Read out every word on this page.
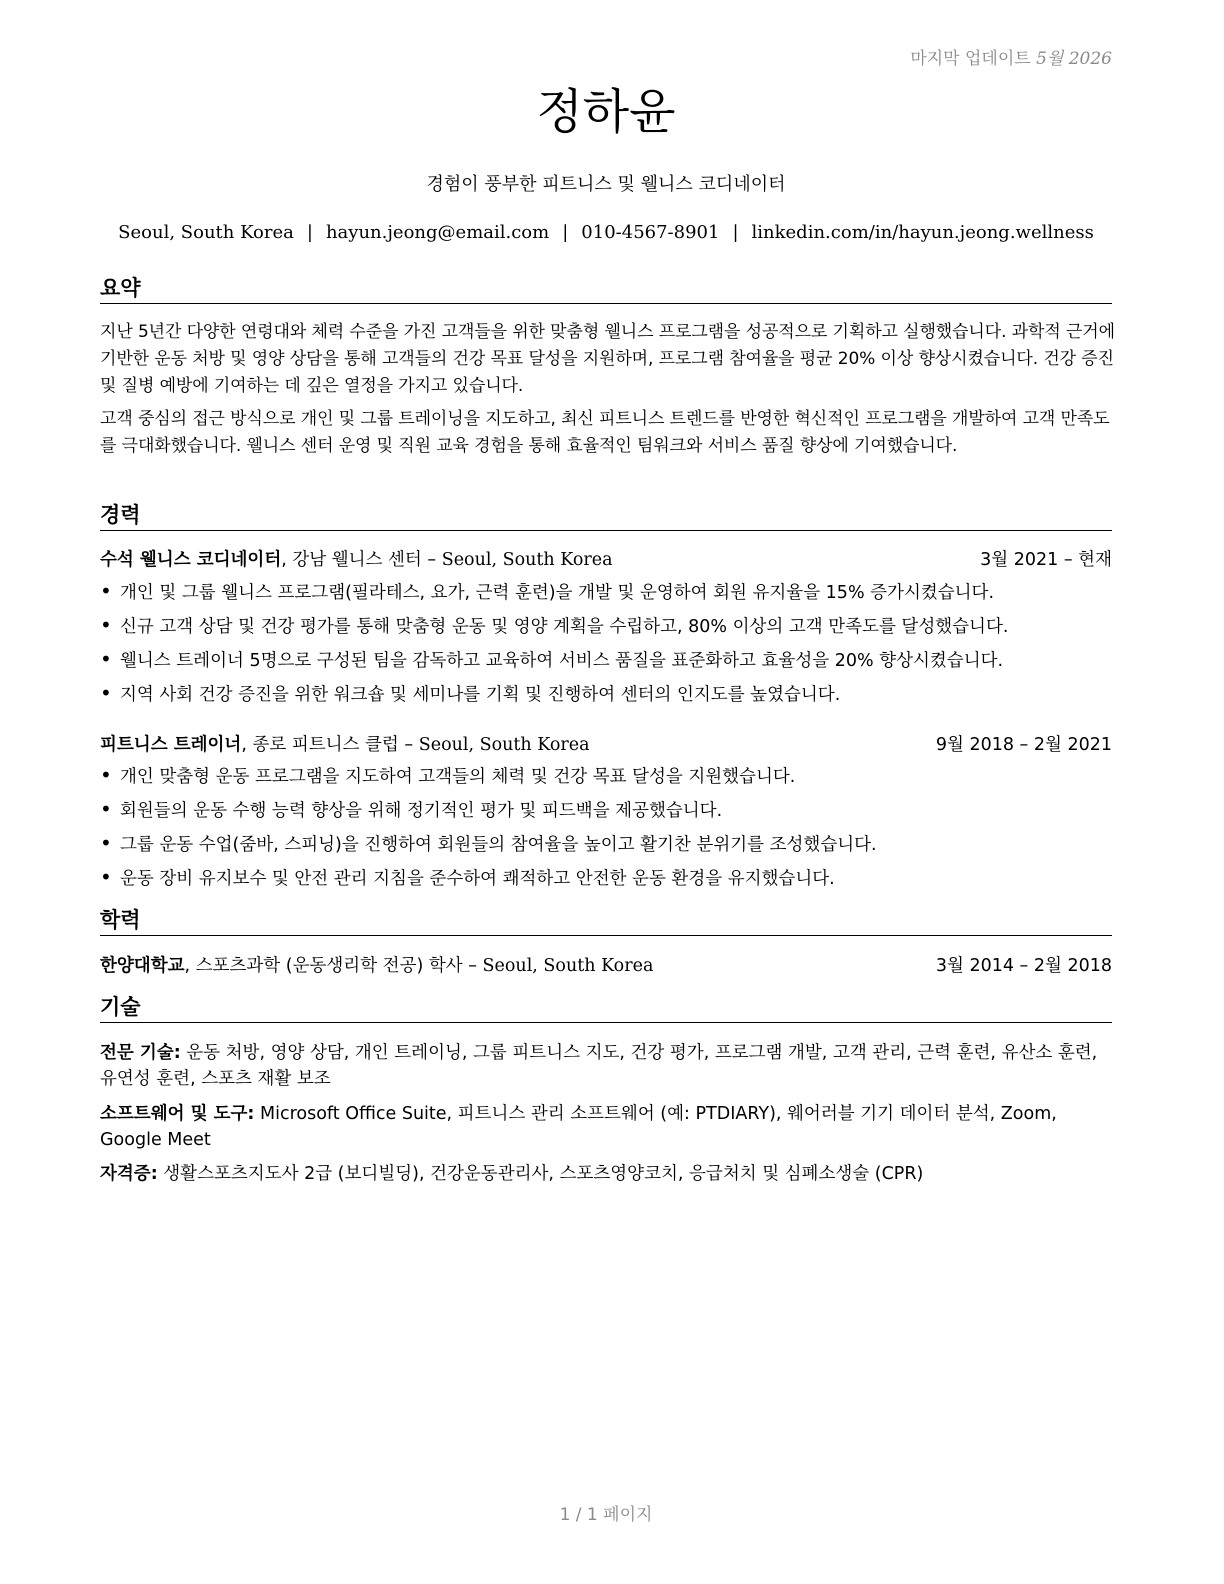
마지막 업데이트 5월 2026
정하윤
경험이 풍부한 피트니스 및 웰니스 코디네이터
Seoul, South Korea | hayun.jeong@email.com | 010-4567-8901 | linkedin.com/in/hayun.jeong.wellness
요약
지난 5년간 다양한 연령대와 체력 수준을 가진 고객들을 위한 맞춤형 웰니스 프로그램을 성공적으로 기획하고 실행했습니다. 과학적 근거에 기반한 운동 처방 및 영양 상담을 통해 고객들의 건강 목표 달성을 지원하며, 프로그램 참여율을 평균 20% 이상 향상시켰습니다. 건강 증진 및 질병 예방에 기여하는 데 깊은 열정을 가지고 있습니다.
고객 중심의 접근 방식으로 개인 및 그룹 트레이닝을 지도하고, 최신 피트니스 트렌드를 반영한 혁신적인 프로그램을 개발하여 고객 만족도를 극대화했습니다. 웰니스 센터 운영 및 직원 교육 경험을 통해 효율적인 팀워크와 서비스 품질 향상에 기여했습니다.
경력
수석 웰니스 코디네이터, 강남 웰니스 센터 – Seoul, South Korea	3월 2021 – 현재
• 개인 및 그룹 웰니스 프로그램(필라테스, 요가, 근력 훈련)을 개발 및 운영하여 회원 유지율을 15% 증가시켰습니다.
• 신규 고객 상담 및 건강 평가를 통해 맞춤형 운동 및 영양 계획을 수립하고, 80% 이상의 고객 만족도를 달성했습니다.
• 웰니스 트레이너 5명으로 구성된 팀을 감독하고 교육하여 서비스 품질을 표준화하고 효율성을 20% 향상시켰습니다.
• 지역 사회 건강 증진을 위한 워크숍 및 세미나를 기획 및 진행하여 센터의 인지도를 높였습니다.
피트니스 트레이너, 종로 피트니스 클럽 – Seoul, South Korea	9월 2018 – 2월 2021
• 개인 맞춤형 운동 프로그램을 지도하여 고객들의 체력 및 건강 목표 달성을 지원했습니다.
• 회원들의 운동 수행 능력 향상을 위해 정기적인 평가 및 피드백을 제공했습니다.
• 그룹 운동 수업(줌바, 스피닝)을 진행하여 회원들의 참여율을 높이고 활기찬 분위기를 조성했습니다.
• 운동 장비 유지보수 및 안전 관리 지침을 준수하여 쾌적하고 안전한 운동 환경을 유지했습니다.
학력
한양대학교, 스포츠과학 (운동생리학 전공) 학사 – Seoul, South Korea	3월 2014 – 2월 2018
기술
전문 기술: 운동 처방, 영양 상담, 개인 트레이닝, 그룹 피트니스 지도, 건강 평가, 프로그램 개발, 고객 관리, 근력 훈련, 유산소 훈련, 유연성 훈련, 스포츠 재활 보조
소프트웨어 및 도구: Microsoft Office Suite, 피트니스 관리 소프트웨어 (예: PTDIARY), 웨어러블 기기 데이터 분석, Zoom, Google Meet
자격증: 생활스포츠지도사 2급 (보디빌딩), 건강운동관리사, 스포츠영양코치, 응급처치 및 심폐소생술 (CPR)
1 / 1 페이지
